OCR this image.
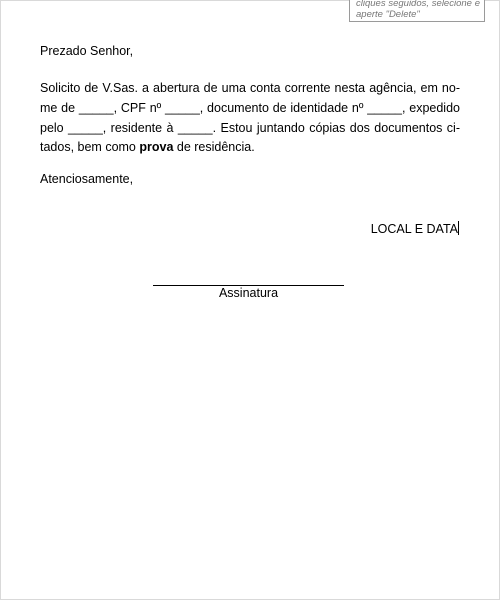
cliques seguidos, selecione e
aperte "Delete"
Prezado Senhor,
Solicito de V.Sas. a abertura de uma conta corrente nesta agência, em no-
me de _____, CPF nº _____, documento de identidade nº _____, expedido
pelo _____, residente à _____. Estou juntando cópias dos documentos ci-
tados, bem como prova de residência.
Atenciosamente,
LOCAL E DATA
Assinatura
